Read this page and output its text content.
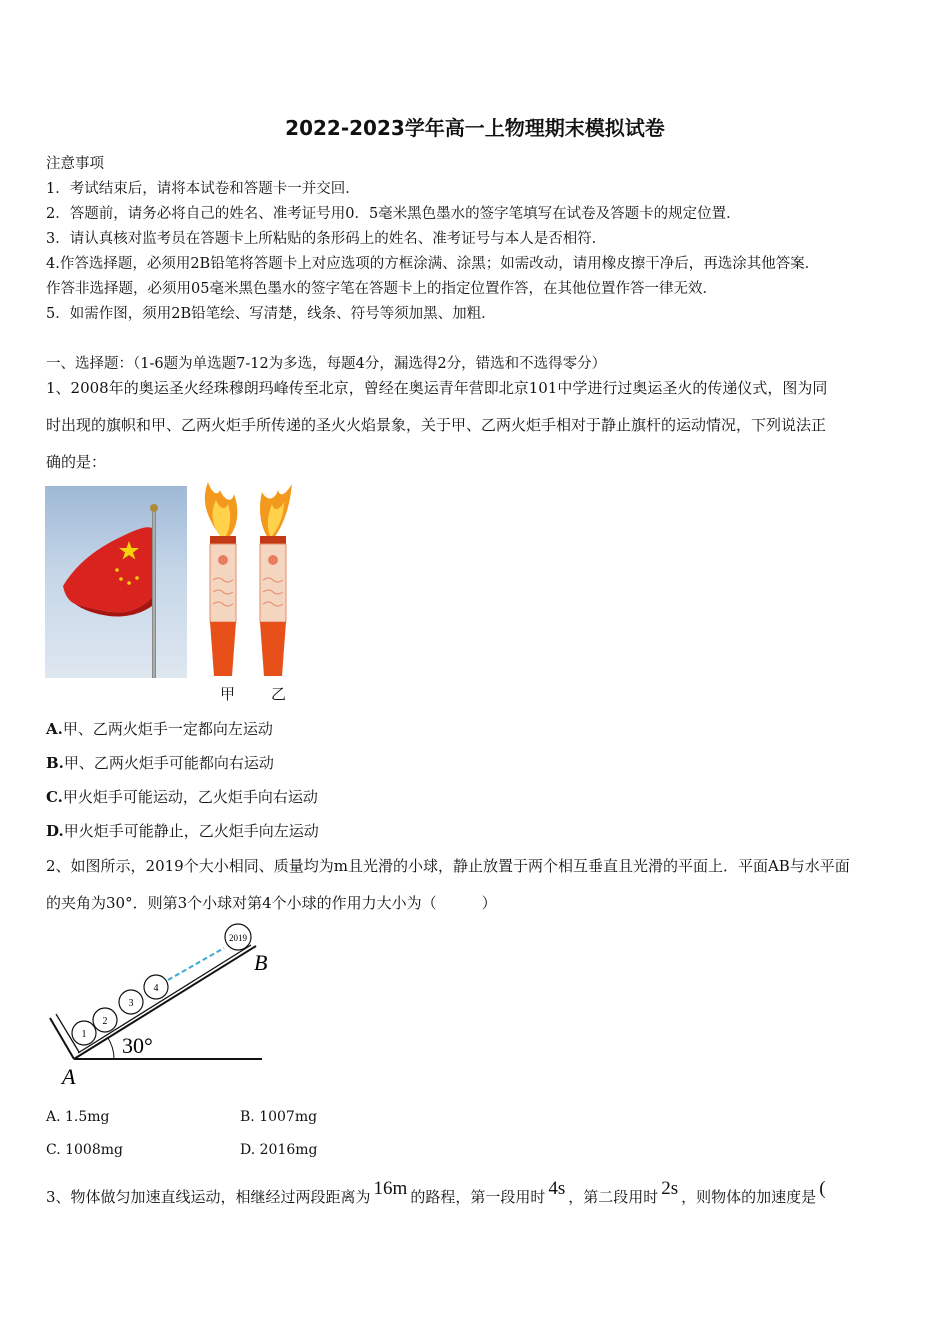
2022-2023学年高一上物理期末模拟试卷
注意事项
1．考试结束后，请将本试卷和答题卡一并交回．
2．答题前，请务必将自己的姓名、准考证号用0．5毫米黑色墨水的签字笔填写在试卷及答题卡的规定位置．
3．请认真核对监考员在答题卡上所粘贴的条形码上的姓名、准考证号与本人是否相符．
4.作答选择题，必须用2B铅笔将答题卡上对应选项的方框涂满、涂黑；如需改动，请用橡皮擦干净后，再选涂其他答案．
作答非选择题，必须用05毫米黑色墨水的签字笔在答题卡上的指定位置作答，在其他位置作答一律无效．
5．如需作图，须用2B铅笔绘、写清楚，线条、符号等须加黑、加粗．
一、选择题：（1-6题为单选题7-12为多选，每题4分，漏选得2分，错选和不选得零分）
1、2008年的奥运圣火经珠穆朗玛峰传至北京，曾经在奥运青年营即北京101中学进行过奥运圣火的传递仪式，图为同
时出现的旗帜和甲、乙两火炬手所传递的圣火火焰景象，关于甲、乙两火炬手相对于静止旗杆的运动情况，下列说法正
确的是：
甲 乙
A.甲、乙两火炬手一定都向左运动
B.甲、乙两火炬手可能都向右运动
C.甲火炬手可能运动，乙火炬手向右运动
D.甲火炬手可能静止，乙火炬手向左运动
2、如图所示，2019个大小相同、质量均为m且光滑的小球，静止放置于两个相互垂直且光滑的平面上．平面AB与水平面
的夹角为30°．则第3个小球对第4个小球的作用力大小为（　　　）
1
2
3
4
2019
B
A
30°
A. 1.5mg	B. 1007mg
C. 1008mg	D. 2016mg
3、物体做匀加速直线运动，相继经过两段距离为 16m 的路程，第一段用时 4s ，第二段用时 2s ，则物体的加速度是 (
